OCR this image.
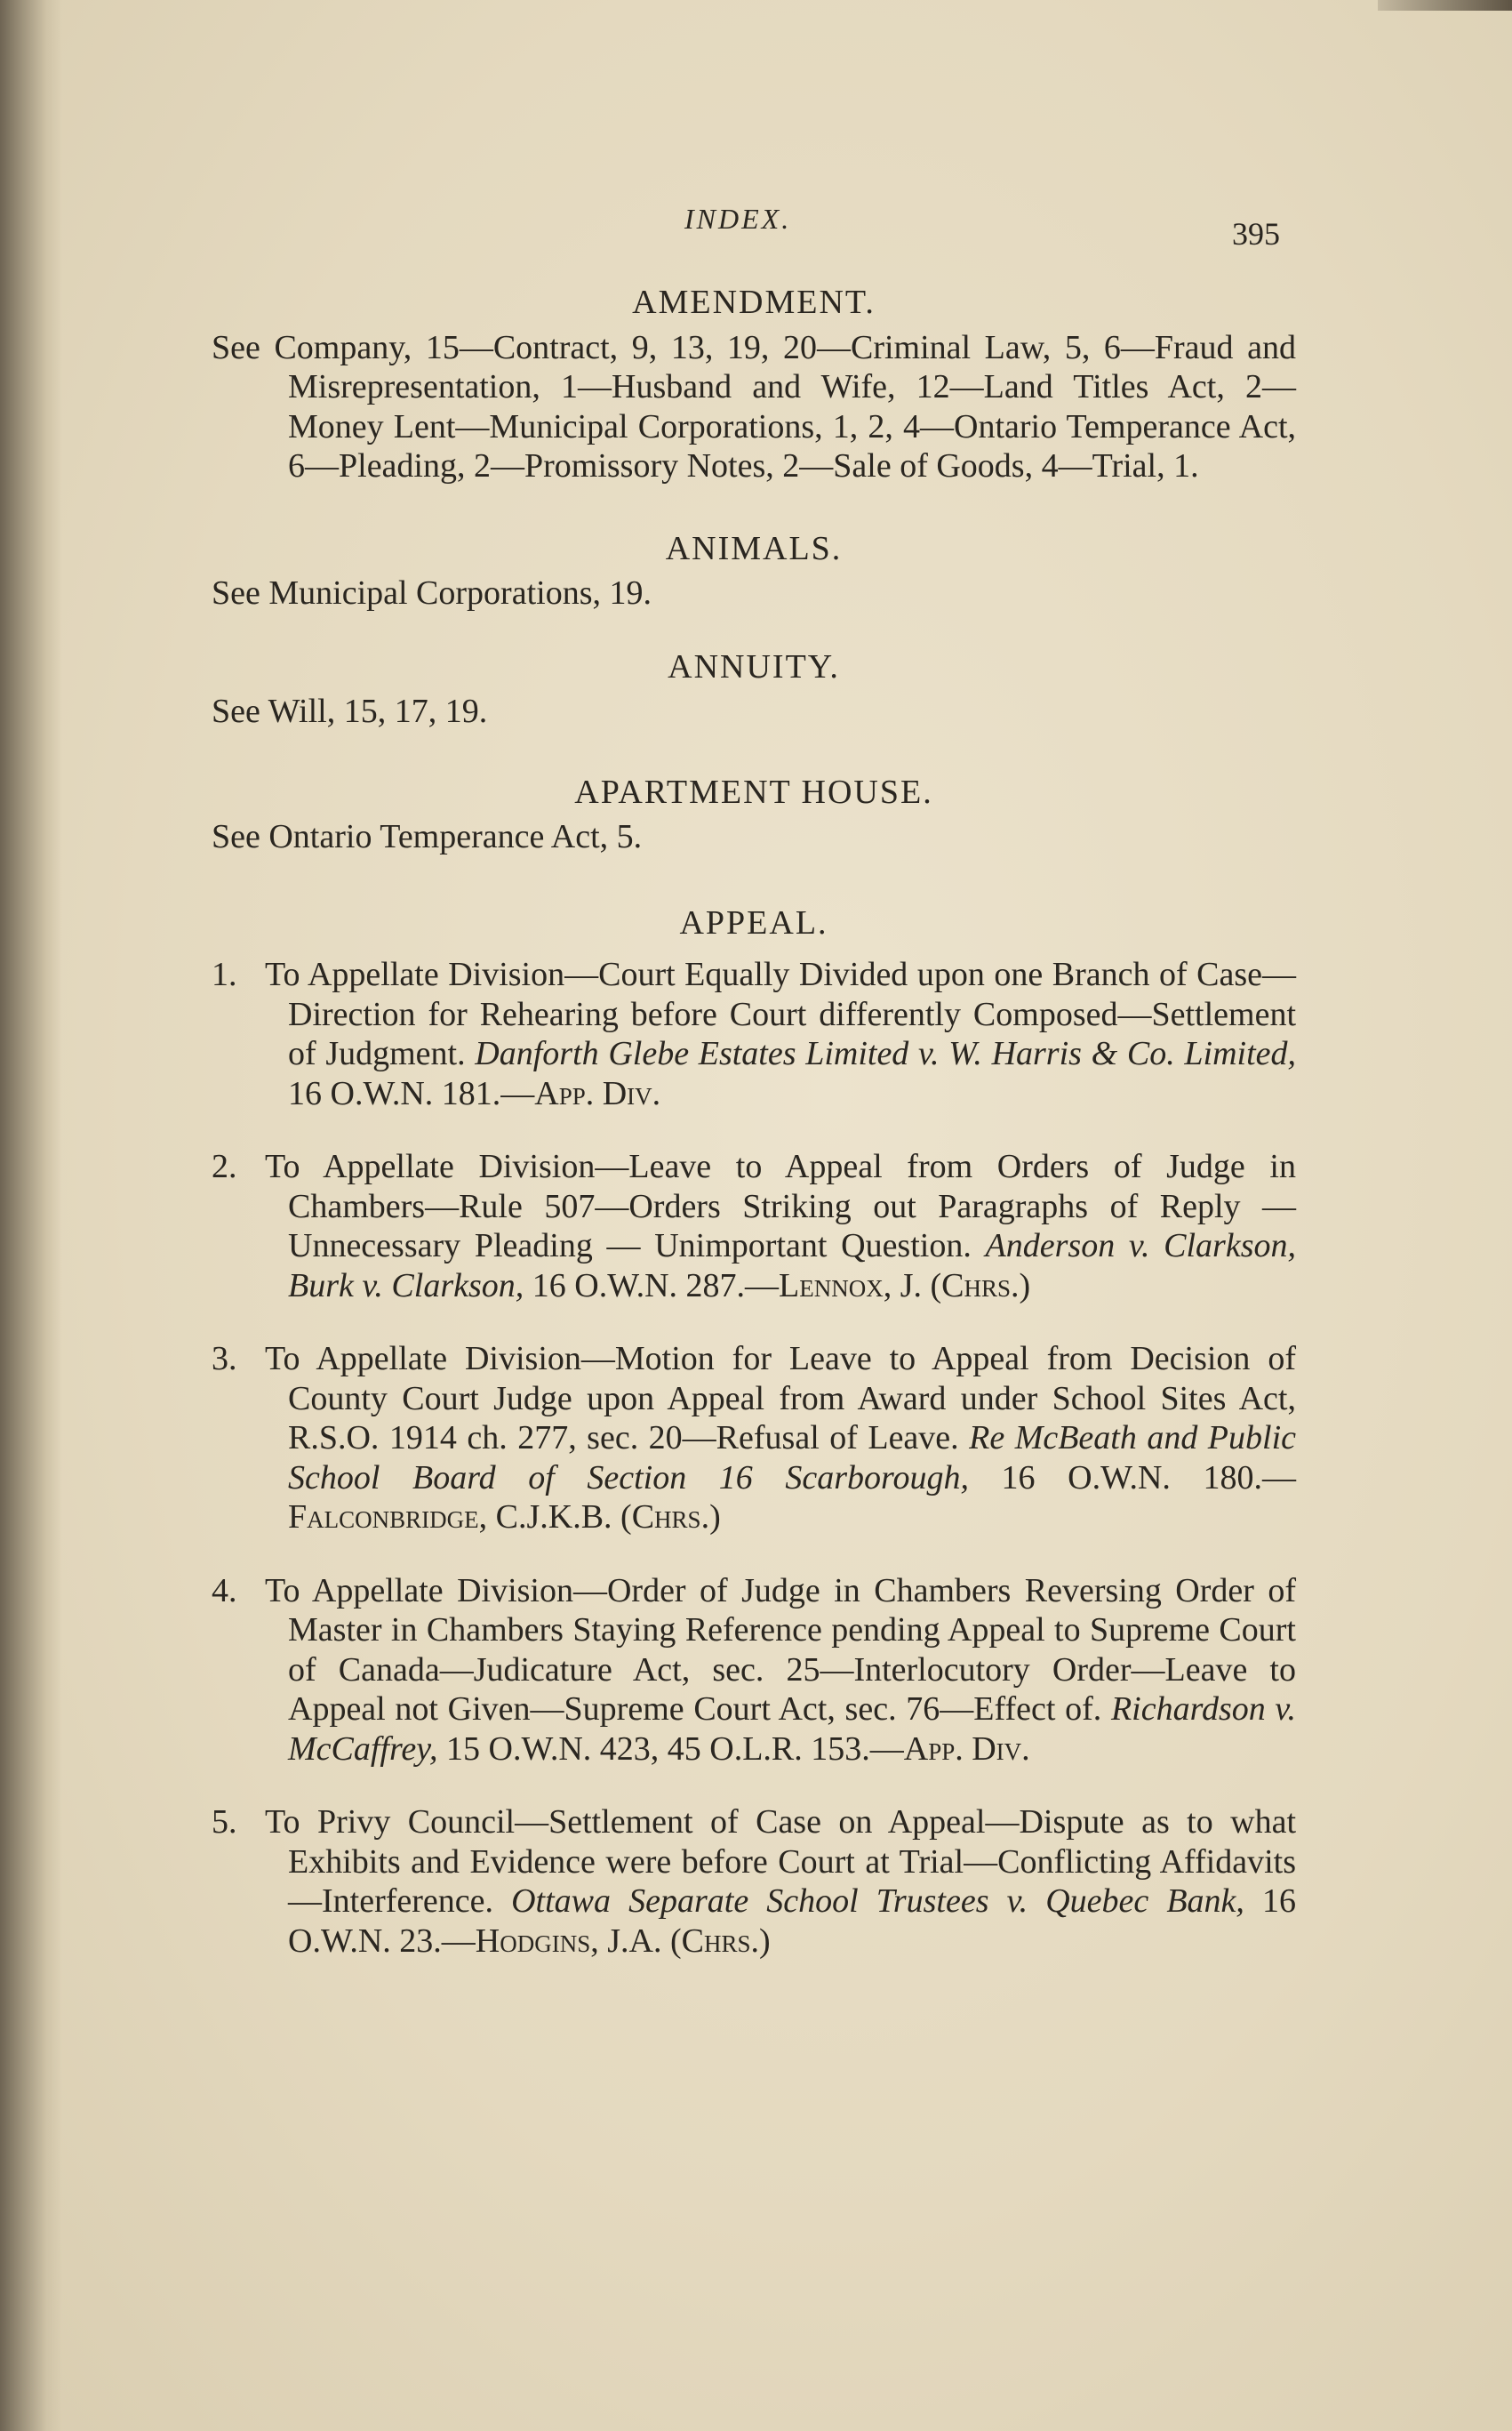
INDEX.	395
AMENDMENT.

See Company, 15—Contract, 9, 13, 19, 20—Criminal Law, 5, 6—Fraud and Misrepresentation, 1—Husband and Wife, 12—Land Titles Act, 2—Money Lent—Municipal Corporations, 1, 2, 4—Ontario Temperance Act, 6—Pleading, 2—Promissory Notes, 2—Sale of Goods, 4—Trial, 1.

ANIMALS.

See Municipal Corporations, 19.

ANNUITY.

See Will, 15, 17, 19.

APARTMENT HOUSE.

See Ontario Temperance Act, 5.

APPEAL.

1. To Appellate Division—Court Equally Divided upon one Branch of Case—Direction for Rehearing before Court differently Composed—Settlement of Judgment. Danforth Glebe Estates Limited v. W. Harris & Co. Limited, 16 O.W.N. 181.—App. Div.

2. To Appellate Division—Leave to Appeal from Orders of Judge in Chambers—Rule 507—Orders Striking out Paragraphs of Reply — Unnecessary Pleading — Unimportant Question. Anderson v. Clarkson, Burk v. Clarkson, 16 O.W.N. 287.—Lennox, J. (Chrs.)

3. To Appellate Division—Motion for Leave to Appeal from Decision of County Court Judge upon Appeal from Award under School Sites Act, R.S.O. 1914 ch. 277, sec. 20—Refusal of Leave. Re McBeath and Public School Board of Section 16 Scarborough, 16 O.W.N. 180.—Falconbridge, C.J.K.B. (Chrs.)

4. To Appellate Division—Order of Judge in Chambers Reversing Order of Master in Chambers Staying Reference pending Appeal to Supreme Court of Canada—Judicature Act, sec. 25—Interlocutory Order—Leave to Appeal not Given—Supreme Court Act, sec. 76—Effect of. Richardson v. McCaffrey, 15 O.W.N. 423, 45 O.L.R. 153.—App. Div.

5. To Privy Council—Settlement of Case on Appeal—Dispute as to what Exhibits and Evidence were before Court at Trial—Conflicting Affidavits—Interference. Ottawa Separate School Trustees v. Quebec Bank, 16 O.W.N. 23.—Hodgins, J.A. (Chrs.)
